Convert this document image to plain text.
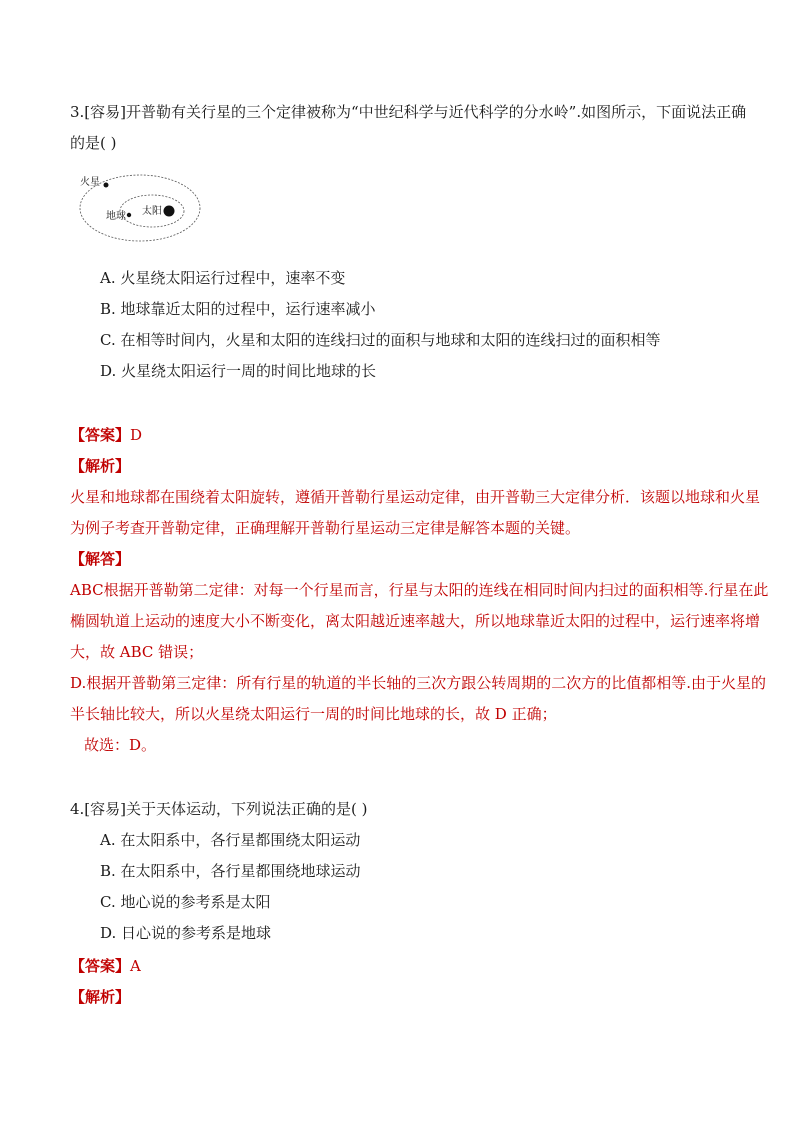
3.[容易]开普勒有关行星的三个定律被称为“中世纪科学与近代科学的分水岭”.如图所示，下面说法正确
的是( )
火星
地球 太阳
A. 火星绕太阳运行过程中，速率不变
B. 地球靠近太阳的过程中，运行速率减小
C. 在相等时间内，火星和太阳的连线扫过的面积与地球和太阳的连线扫过的面积相等
D. 火星绕太阳运行一周的时间比地球的长
【答案】D
【解析】
火星和地球都在围绕着太阳旋转，遵循开普勒行星运动定律，由开普勒三大定律分析．该题以地球和火星
为例子考查开普勒定律，正确理解开普勒行星运动三定律是解答本题的关键。
【解答】
ABC根据开普勒第二定律：对每一个行星而言，行星与太阳的连线在相同时间内扫过的面积相等.行星在此
椭圆轨道上运动的速度大小不断变化，离太阳越近速率越大，所以地球靠近太阳的过程中，运行速率将增
大，故 ABC 错误；
D.根据开普勒第三定律：所有行星的轨道的半长轴的三次方跟公转周期的二次方的比值都相等.由于火星的
半长轴比较大，所以火星绕太阳运行一周的时间比地球的长，故 D 正确；
故选：D。
4.[容易]关于天体运动，下列说法正确的是( )
A. 在太阳系中，各行星都围绕太阳运动
B. 在太阳系中，各行星都围绕地球运动
C. 地心说的参考系是太阳
D. 日心说的参考系是地球
【答案】A
【解析】
